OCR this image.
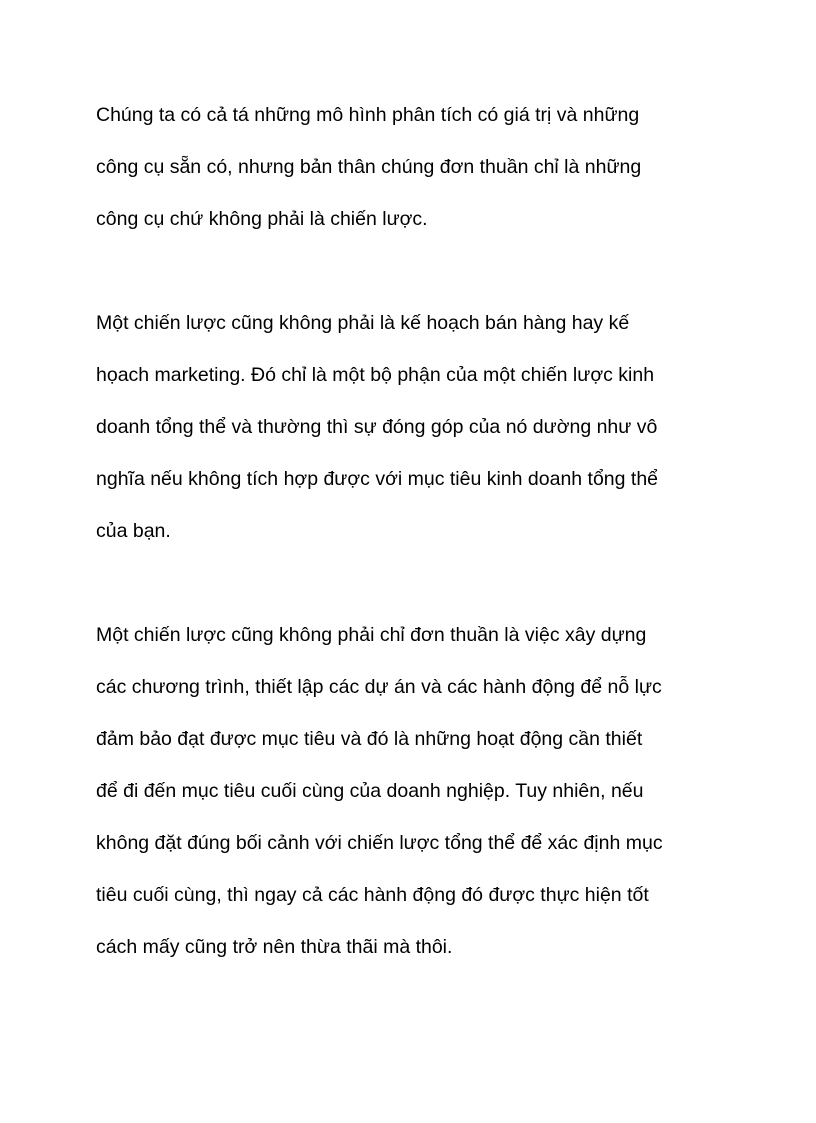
Chúng ta có cả tá những mô hình phân tích có giá trị và những

công cụ sẵn có, nhưng bản thân chúng đơn thuần chỉ là những

công cụ chứ không phải là chiến lược.

Một chiến lược cũng không phải là kế hoạch bán hàng hay kế

họach marketing. Đó chỉ là một bộ phận của một chiến lược kinh

doanh tổng thể và thường thì sự đóng góp của nó dường như vô

nghĩa nếu không tích hợp được với mục tiêu kinh doanh tổng thể

của bạn.

Một chiến lược cũng không phải chỉ đơn thuần là việc xây dựng

các chương trình, thiết lập các dự án và các hành động để nỗ lực

đảm bảo đạt được mục tiêu và đó là những hoạt động cần thiết

để đi đến mục tiêu cuối cùng của doanh nghiệp. Tuy nhiên, nếu

không đặt đúng bối cảnh với chiến lược tổng thể để xác định mục

tiêu cuối cùng, thì ngay cả các hành động đó được thực hiện tốt

cách mấy cũng trở nên thừa thãi mà thôi.
